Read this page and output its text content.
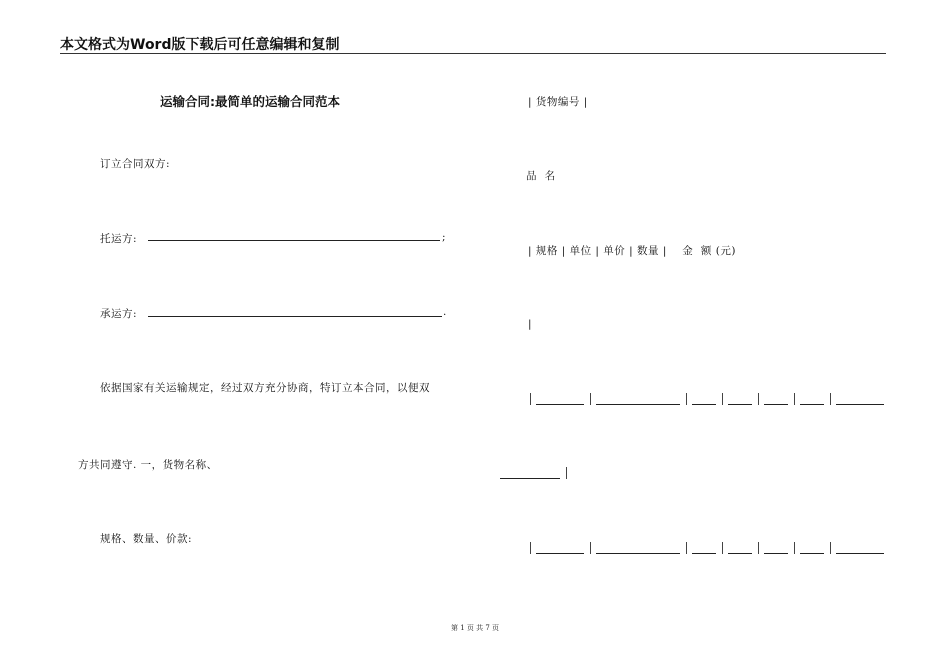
本文格式为Word版下载后可任意编辑和复制
运输合同:最简单的运输合同范本
订立合同双方:
托运方:	;
承运方:	.
依据国家有关运输规定，经过双方充分协商，特订立本合同，以便双
方共同遵守. 一，货物名称、
规格、数量、价款:
| 货物编号 |
品  名
| 规格 | 单位 | 单价 | 数量 |    金  额 (元)
|
第 1 页 共 7 页
